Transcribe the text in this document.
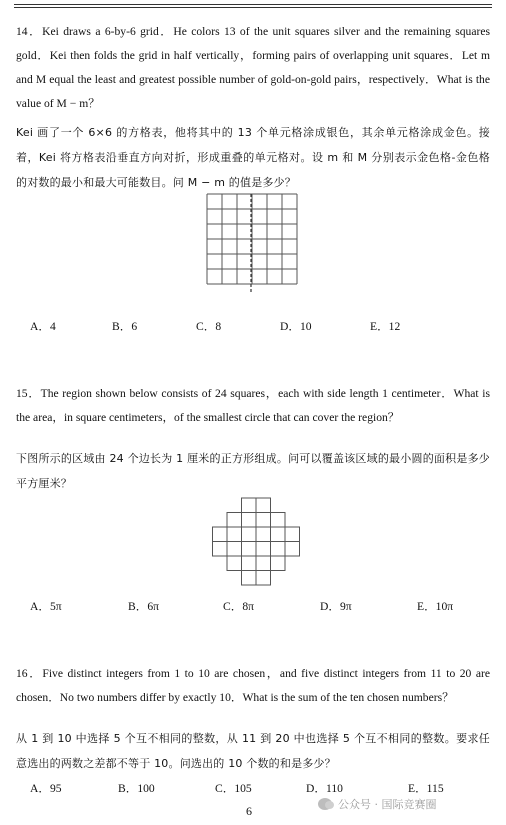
14．Kei draws a 6-by-6 grid．He colors 13 of the unit squares silver and the remaining squares gold．Kei then folds the grid in half vertically，forming pairs of overlapping unit squares．Let m and M equal the least and greatest possible number of gold-on-gold pairs，respectively．What is the value of M − m？

Kei 画了一个 6×6 的方格表，他将其中的 13 个单元格涂成银色，其余单元格涂成金色。接着，Kei 将方格表沿垂直方向对折，形成重叠的单元格对。设 m 和 M 分别表示金色格-金色格的对数的最小和最大可能数目。问 M − m 的值是多少？

A．4	B．6	C．8	D．10	E．12

15．The region shown below consists of 24 squares，each with side length 1 centimeter．What is the area，in square centimeters，of the smallest circle that can cover the region？

下图所示的区域由 24 个边长为 1 厘米的正方形组成。问可以覆盖该区域的最小圆的面积是多少平方厘米？

A．5π	B．6π	C．8π	D．9π	E．10π

16．Five distinct integers from 1 to 10 are chosen，and five distinct integers from 11 to 20 are chosen．No two numbers differ by exactly 10．What is the sum of the ten chosen numbers？

从 1 到 10 中选择 5 个互不相同的整数，从 11 到 20 中也选择 5 个互不相同的整数。要求任意选出的两数之差都不等于 10。问选出的 10 个数的和是多少？

A．95	B．100	C．105	D．110	E．115
6	公众号 · 国际竞赛圈
